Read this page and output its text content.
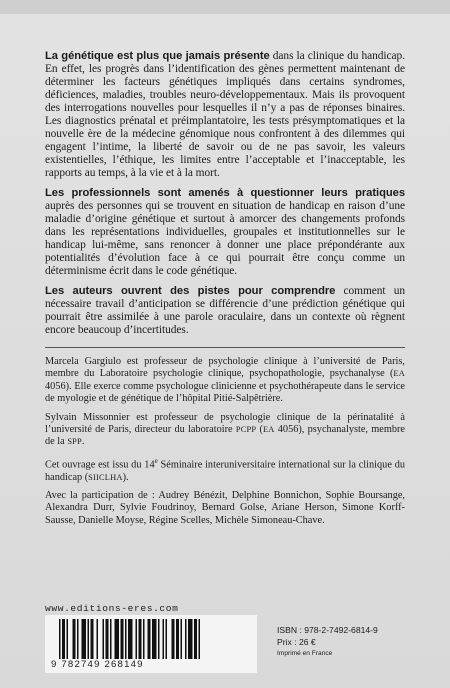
La génétique est plus que jamais présente dans la clinique du handicap. En effet, les progrès dans l’identification des gènes permettent maintenant de déterminer les facteurs génétiques impliqués dans certains syndromes, déficiences, maladies, troubles neuro-développementaux. Mais ils provoquent des interrogations nouvelles pour lesquelles il n’y a pas de réponses binaires. Les diagnostics prénatal et préimplantatoire, les tests présymptomatiques et la nouvelle ère de la médecine génomique nous confrontent à des dilemmes qui engagent l’intime, la liberté de savoir ou de ne pas savoir, les valeurs existentielles, l’éthique, les limites entre l’acceptable et l’inacceptable, les rapports au temps, à la vie et à la mort.

Les professionnels sont amenés à questionner leurs pratiques auprès des personnes qui se trouvent en situation de handicap en raison d’une maladie d’origine génétique et surtout à amorcer des changements profonds dans les représentations individuelles, groupales et institutionnelles sur le handicap lui-même, sans renoncer à donner une place prépondérante aux potentialités d’évolution face à ce qui pourrait être conçu comme un déterminisme écrit dans le code génétique.

Les auteurs ouvrent des pistes pour comprendre comment un nécessaire travail d’anticipation se différencie d’une prédiction génétique qui pourrait être assimilée à une parole oraculaire, dans un contexte où règnent encore beaucoup d’incertitudes.

Marcela Gargiulo est professeur de psychologie clinique à l’université de Paris, membre du Laboratoire psychologie clinique, psychopathologie, psychanalyse (EA 4056). Elle exerce comme psychologue clinicienne et psychothérapeute dans le service de myologie et de génétique de l’hôpital Pitié-Salpêtrière.

Sylvain Missonnier est professeur de psychologie clinique de la périnatalité à l’université de Paris, directeur du laboratoire PCPP (EA 4056), psychanalyste, membre de la SPP.

Cet ouvrage est issu du 14e Séminaire interuniversitaire international sur la clinique du handicap (SIICLHA).

Avec la participation de : Audrey Bénézit, Delphine Bonnichon, Sophie Boursange, Alexandra Durr, Sylvie Foudrinoy, Bernard Golse, Ariane Herson, Simone Korff-Sausse, Danielle Moyse, Régine Scelles, Michèle Simoneau-Chave.

www.editions-eres.com
9 782749 268149
ISBN : 978-2-7492-6814-9
Prix : 26 €
Imprimé en France
